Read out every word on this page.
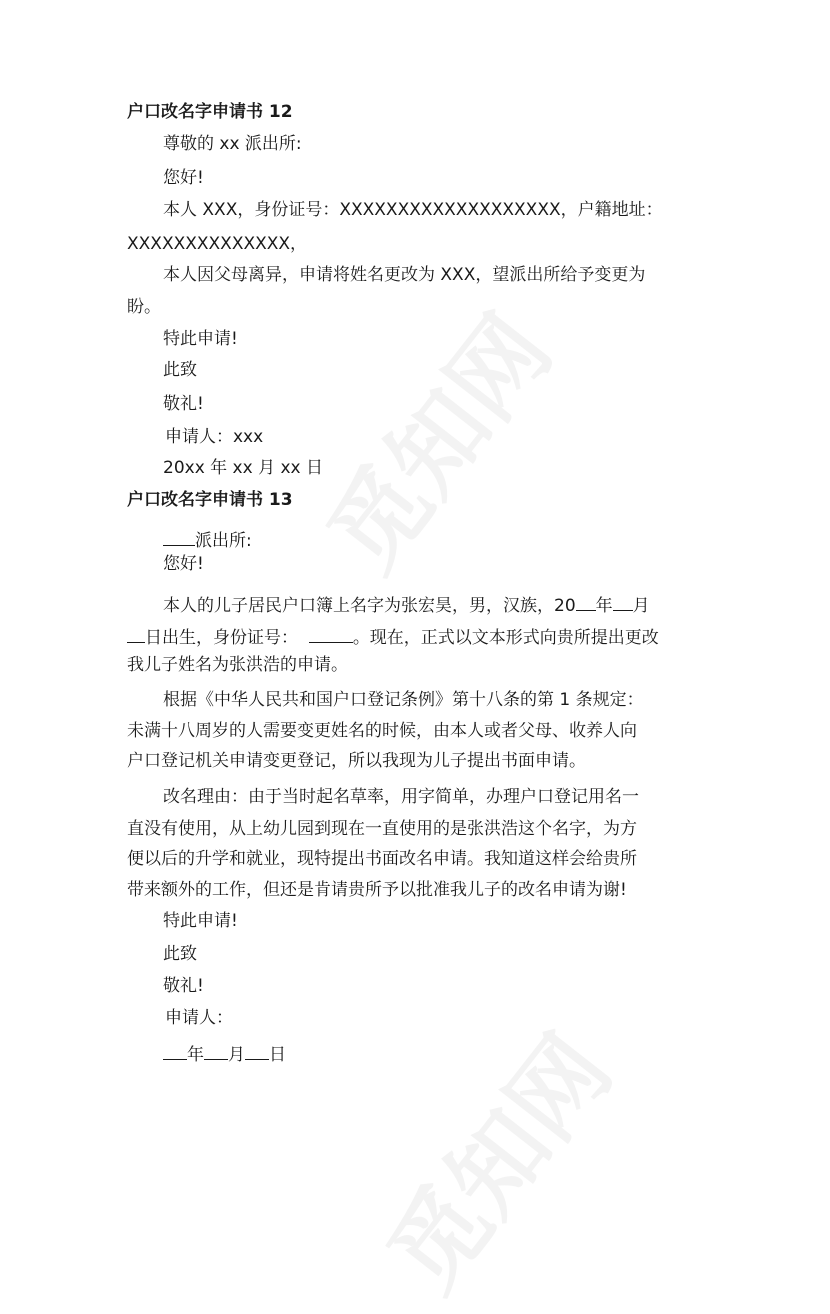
户口改名字申请书 12
尊敬的 xx 派出所:
您好!
本人 XXX，身份证号：XXXXXXXXXXXXXXXXXXX，户籍地址：
XXXXXXXXXXXXXX，
本人因父母离异，申请将姓名更改为 XXX，望派出所给予变更为
盼。
特此申请!
此致
敬礼!
申请人：xxx
20xx 年 xx 月 xx 日
户口改名字申请书 13
派出所:
您好!
本人的儿子居民户口簿上名字为张宏昊，男，汉族，20 年 月
日出生，身份证号：	。现在，正式以文本形式向贵所提出更改
我儿子姓名为张洪浩的申请。
根据《中华人民共和国户口登记条例》第十八条的第 1 条规定：
未满十八周岁的人需要变更姓名的时候，由本人或者父母、收养人向
户口登记机关申请变更登记，所以我现为儿子提出书面申请。
改名理由：由于当时起名草率，用字简单，办理户口登记用名一
直没有使用，从上幼儿园到现在一直使用的是张洪浩这个名字，为方
便以后的升学和就业，现特提出书面改名申请。我知道这样会给贵所
带来额外的工作，但还是肯请贵所予以批准我儿子的改名申请为谢!
特此申请!
此致
敬礼!
申请人：
年 月 日
